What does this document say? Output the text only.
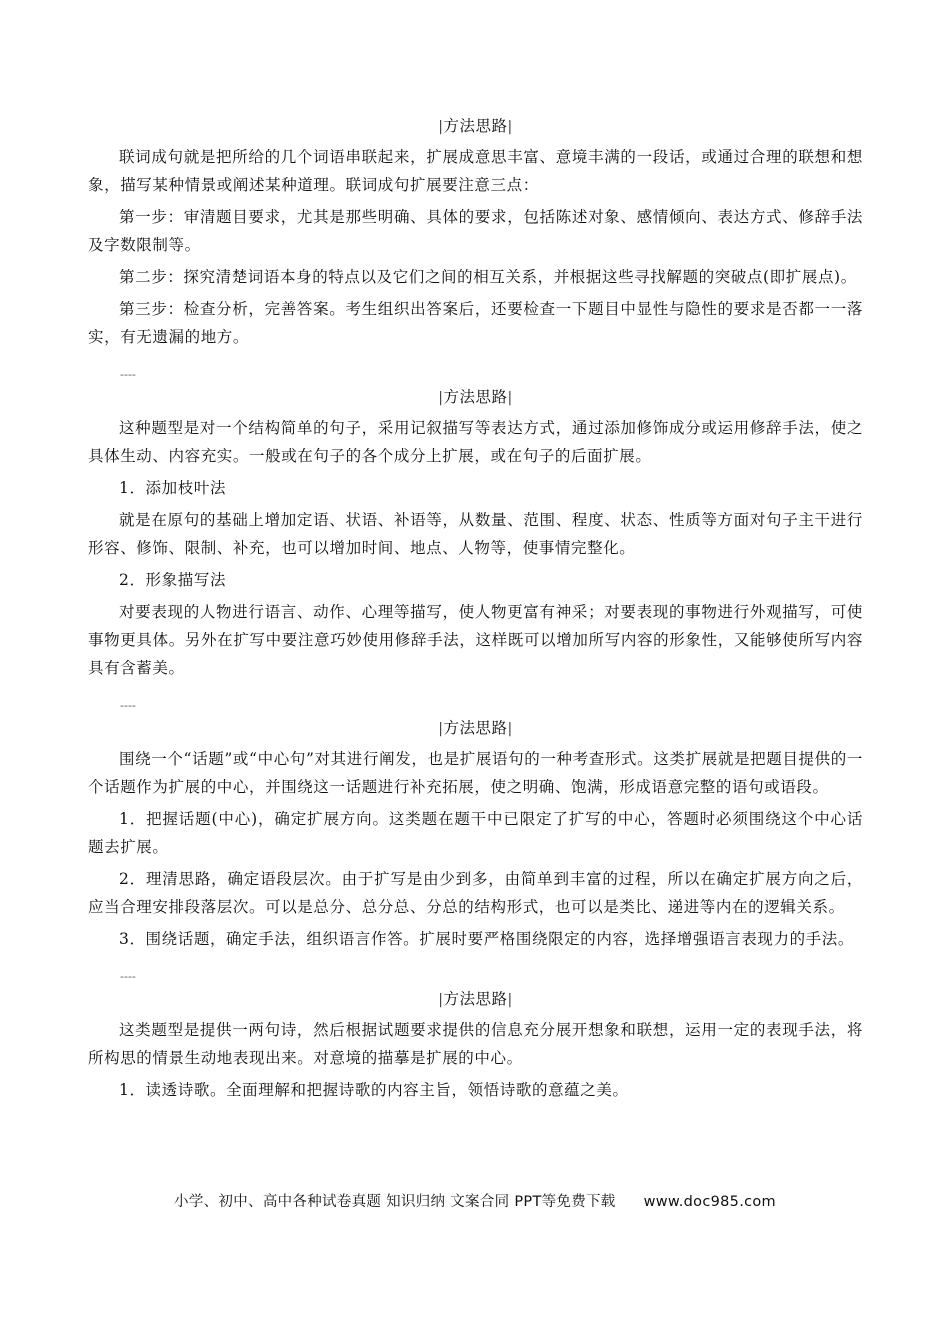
|方法思路|

联词成句就是把所给的几个词语串联起来，扩展成意思丰富、意境丰满的一段话，或通过合理的联想和想象，描写某种情景或阐述某种道理。联词成句扩展要注意三点：

第一步：审清题目要求，尤其是那些明确、具体的要求，包括陈述对象、感情倾向、表达方式、修辞手法及字数限制等。

第二步：探究清楚词语本身的特点以及它们之间的相互关系，并根据这些寻找解题的突破点(即扩展点)。

第三步：检查分析，完善答案。考生组织出答案后，还要检查一下题目中显性与隐性的要求是否都一一落实，有无遗漏的地方。

----
|方法思路|

这种题型是对一个结构简单的句子，采用记叙描写等表达方式，通过添加修饰成分或运用修辞手法，使之具体生动、内容充实。一般或在句子的各个成分上扩展，或在句子的后面扩展。

1．添加枝叶法

就是在原句的基础上增加定语、状语、补语等，从数量、范围、程度、状态、性质等方面对句子主干进行形容、修饰、限制、补充，也可以增加时间、地点、人物等，使事情完整化。

2．形象描写法

对要表现的人物进行语言、动作、心理等描写，使人物更富有神采；对要表现的事物进行外观描写，可使事物更具体。另外在扩写中要注意巧妙使用修辞手法，这样既可以增加所写内容的形象性，又能够使所写内容具有含蓄美。

----
|方法思路|

围绕一个“话题”或“中心句”对其进行阐发，也是扩展语句的一种考查形式。这类扩展就是把题目提供的一个话题作为扩展的中心，并围绕这一话题进行补充拓展，使之明确、饱满，形成语意完整的语句或语段。

1．把握话题(中心)，确定扩展方向。这类题在题干中已限定了扩写的中心，答题时必须围绕这个中心话题去扩展。

2．理清思路，确定语段层次。由于扩写是由少到多，由简单到丰富的过程，所以在确定扩展方向之后，应当合理安排段落层次。可以是总分、总分总、分总的结构形式，也可以是类比、递进等内在的逻辑关系。

3．围绕话题，确定手法，组织语言作答。扩展时要严格围绕限定的内容，选择增强语言表现力的手法。

----
|方法思路|

这类题型是提供一两句诗，然后根据试题要求提供的信息充分展开想象和联想，运用一定的表现手法，将所构思的情景生动地表现出来。对意境的描摹是扩展的中心。

1．读透诗歌。全面理解和把握诗歌的内容主旨，领悟诗歌的意蕴之美。

小学、初中、高中各种试卷真题 知识归纳 文案合同 PPT等免费下载 www.doc985.com
